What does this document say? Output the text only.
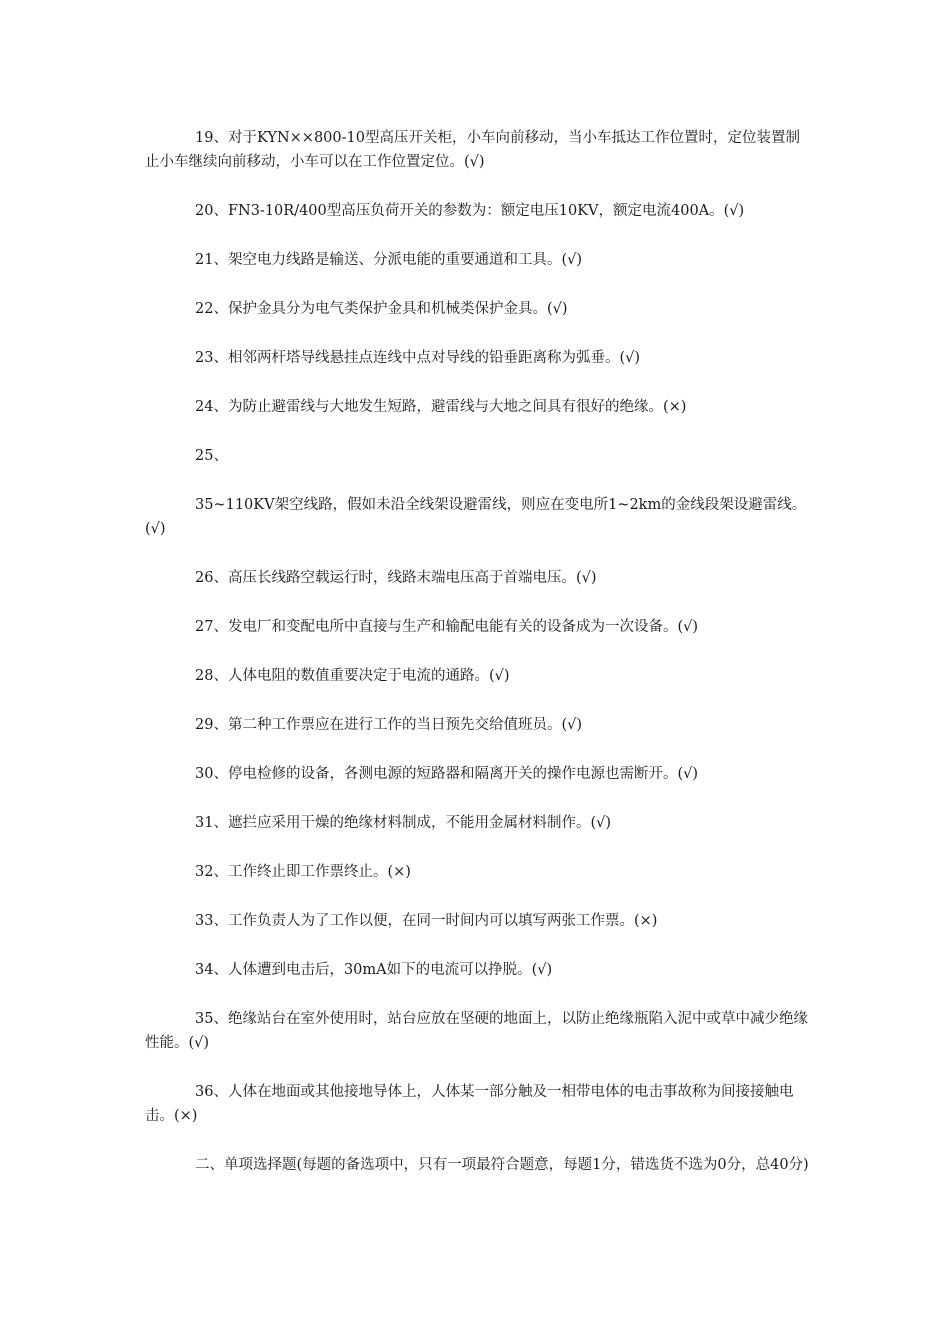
19、对于KYN××800-10型高压开关柜，小车向前移动，当小车抵达工作位置时，定位装置制止小车继续向前移动，小车可以在工作位置定位。(√)

20、FN3-10R/400型高压负荷开关的参数为：额定电压10KV，额定电流400A。(√)

21、架空电力线路是输送、分派电能的重要通道和工具。(√)

22、保护金具分为电气类保护金具和机械类保护金具。(√)

23、相邻两杆塔导线悬挂点连线中点对导线的铅垂距离称为弧垂。(√)

24、为防止避雷线与大地发生短路，避雷线与大地之间具有很好的绝缘。(×)

25、

35~110KV架空线路，假如未沿全线架设避雷线，则应在变电所1~2km的金线段架设避雷线。(√)

26、高压长线路空载运行时，线路末端电压高于首端电压。(√)

27、发电厂和变配电所中直接与生产和输配电能有关的设备成为一次设备。(√)

28、人体电阻的数值重要决定于电流的通路。(√)

29、第二种工作票应在进行工作的当日预先交给值班员。(√)

30、停电检修的设备，各测电源的短路器和隔离开关的操作电源也需断开。(√)

31、遮拦应采用干燥的绝缘材料制成，不能用金属材料制作。(√)

32、工作终止即工作票终止。(×)

33、工作负责人为了工作以便，在同一时间内可以填写两张工作票。(×)

34、人体遭到电击后，30mA如下的电流可以挣脱。(√)

35、绝缘站台在室外使用时，站台应放在坚硬的地面上，以防止绝缘瓶陷入泥中或草中减少绝缘性能。(√)

36、人体在地面或其他接地导体上，人体某一部分触及一相带电体的电击事故称为间接接触电击。(×)

二、单项选择题(每题的备选项中，只有一项最符合题意，每题1分，错选货不选为0分，总40分)
